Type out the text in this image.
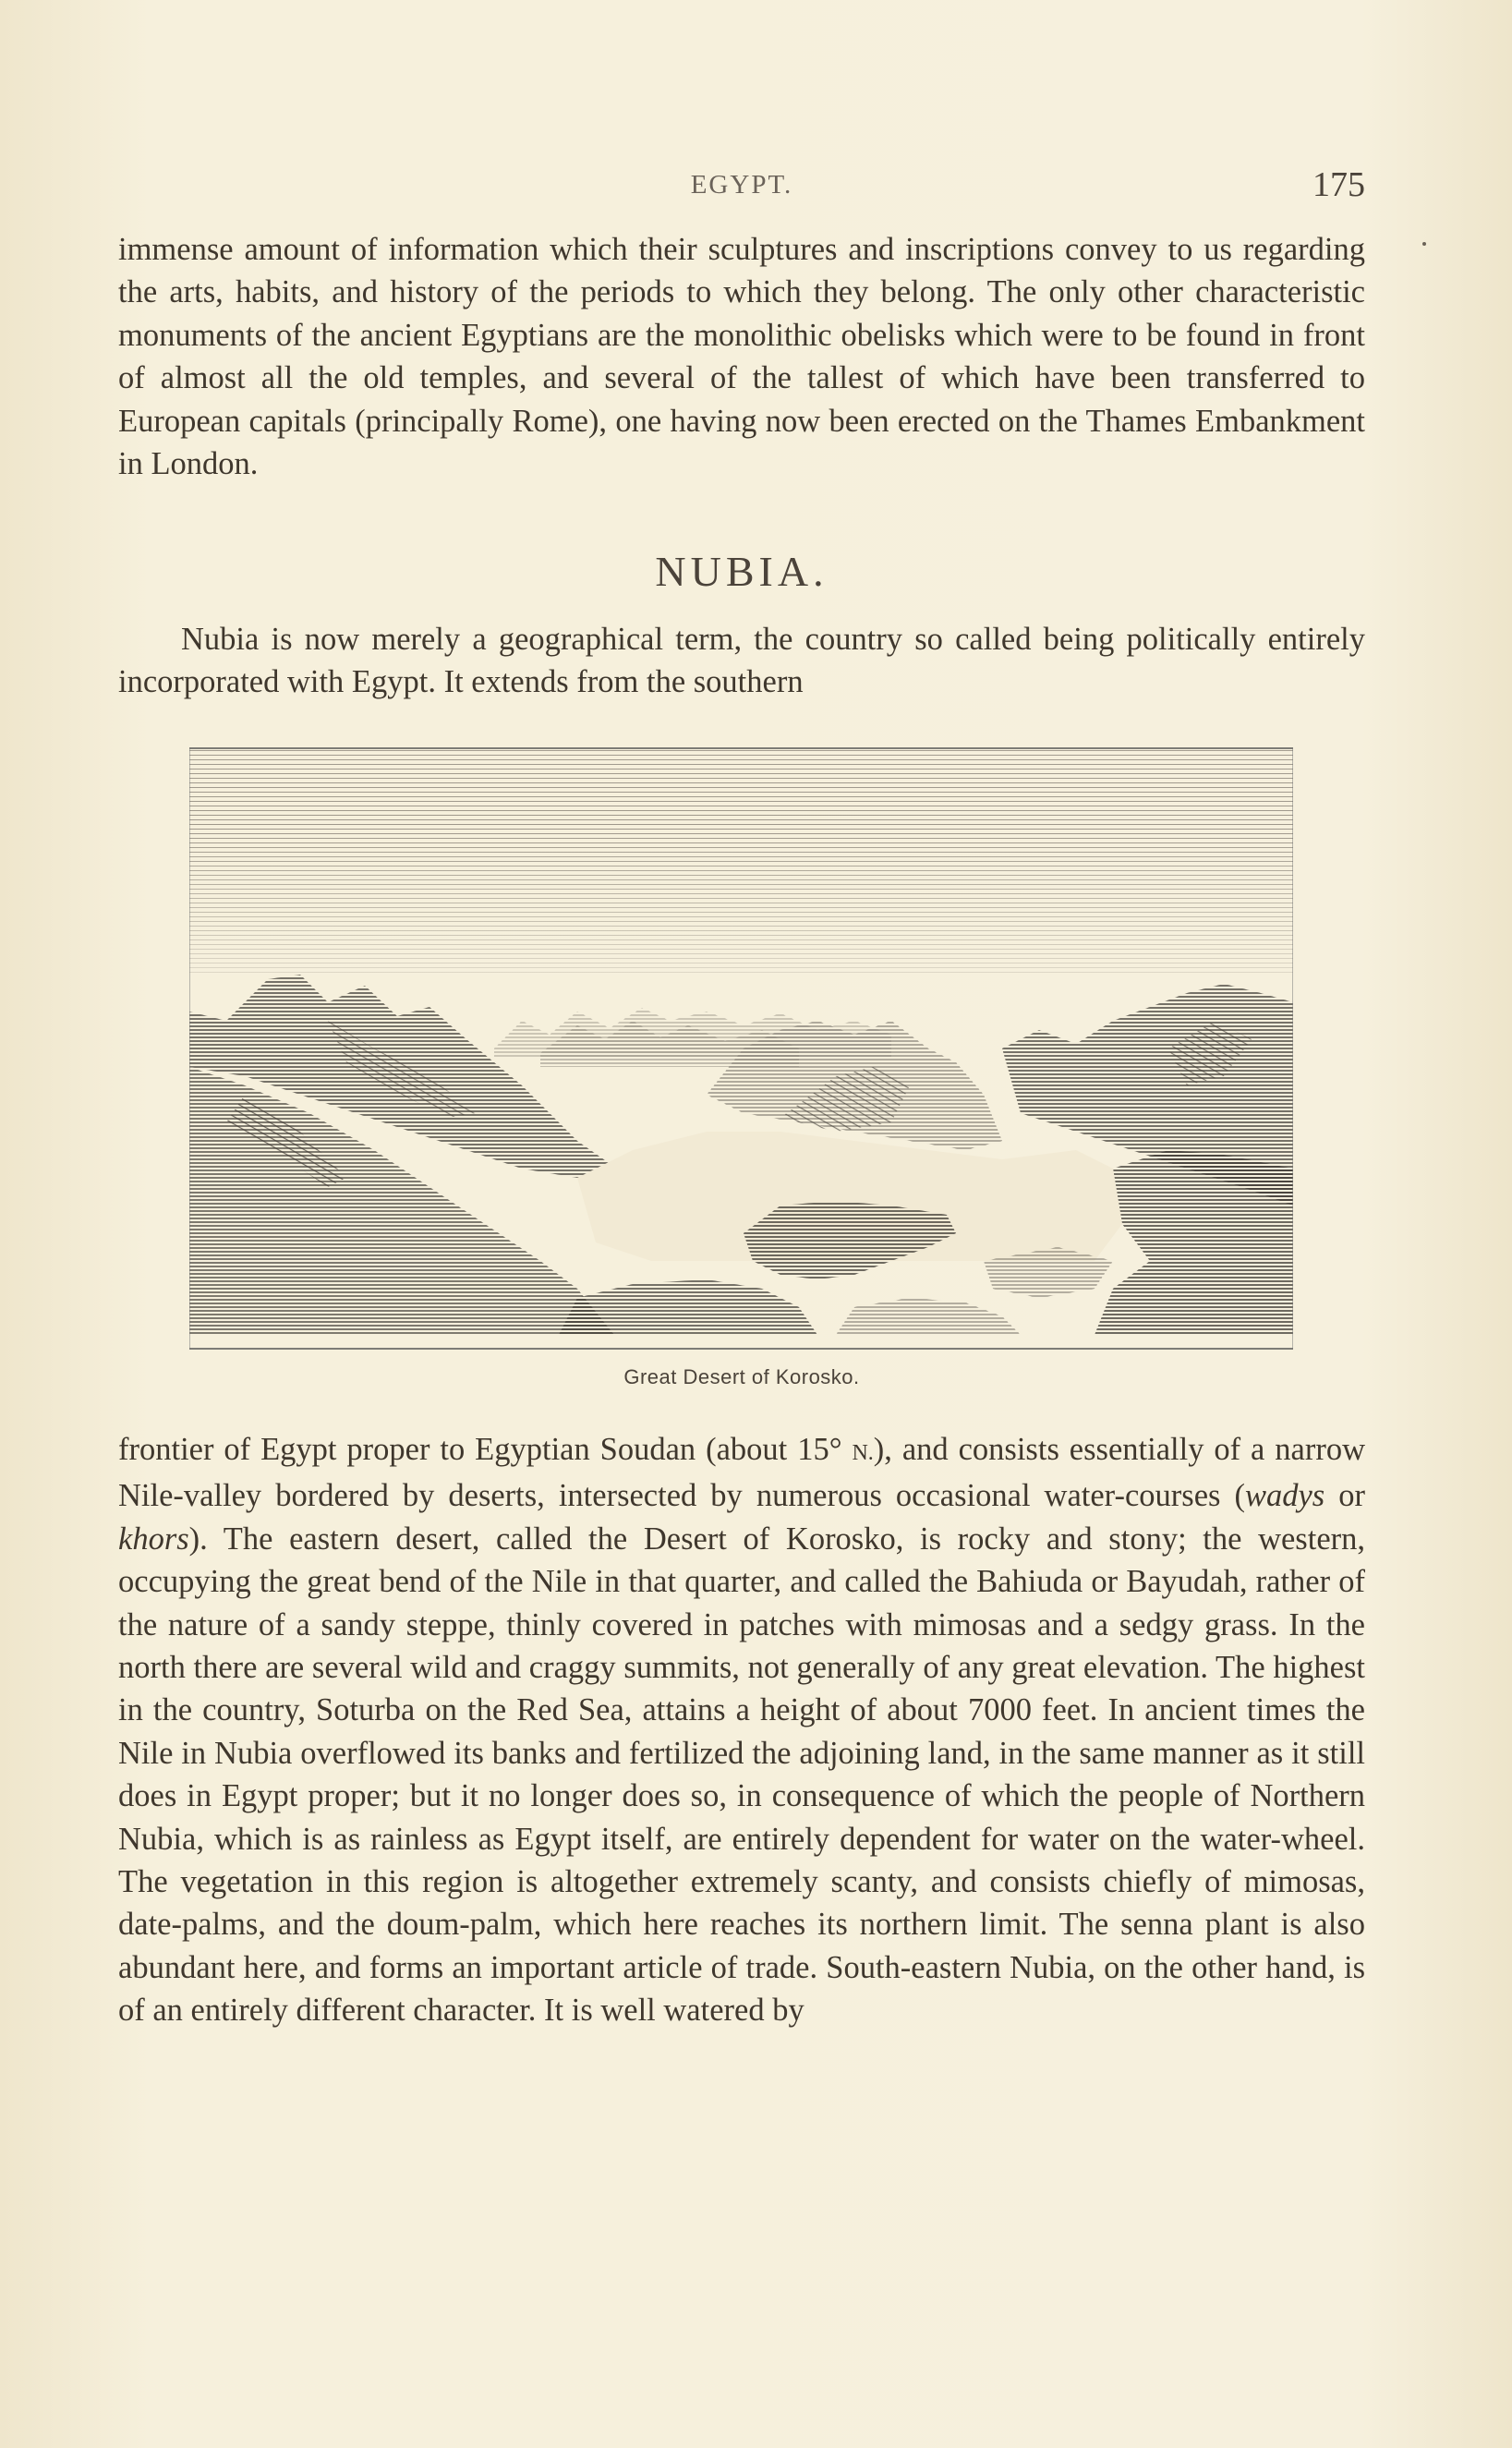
EGYPT.	175

immense amount of information which their sculptures and inscriptions convey to us regarding the arts, habits, and history of the periods to which they belong. The only other characteristic monuments of the ancient Egyptians are the monolithic obelisks which were to be found in front of almost all the old temples, and several of the tallest of which have been transferred to European capitals (principally Rome), one having now been erected on the Thames Embankment in London.

NUBIA.

Nubia is now merely a geographical term, the country so called being politically entirely incorporated with Egypt. It extends from the southern

Great Desert of Korosko.

frontier of Egypt proper to Egyptian Soudan (about 15° N.), and consists essentially of a narrow Nile-valley bordered by deserts, intersected by numerous occasional water-courses (wadys or khors). The eastern desert, called the Desert of Korosko, is rocky and stony; the western, occupying the great bend of the Nile in that quarter, and called the Bahiuda or Bayudah, rather of the nature of a sandy steppe, thinly covered in patches with mimosas and a sedgy grass. In the north there are several wild and craggy summits, not generally of any great elevation. The highest in the country, Soturba on the Red Sea, attains a height of about 7000 feet. In ancient times the Nile in Nubia overflowed its banks and fertilized the adjoining land, in the same manner as it still does in Egypt proper; but it no longer does so, in consequence of which the people of Northern Nubia, which is as rainless as Egypt itself, are entirely dependent for water on the water-wheel. The vegetation in this region is altogether extremely scanty, and consists chiefly of mimosas, date-palms, and the doum-palm, which here reaches its northern limit. The senna plant is also abundant here, and forms an important article of trade. South-eastern Nubia, on the other hand, is of an entirely different character. It is well watered by
